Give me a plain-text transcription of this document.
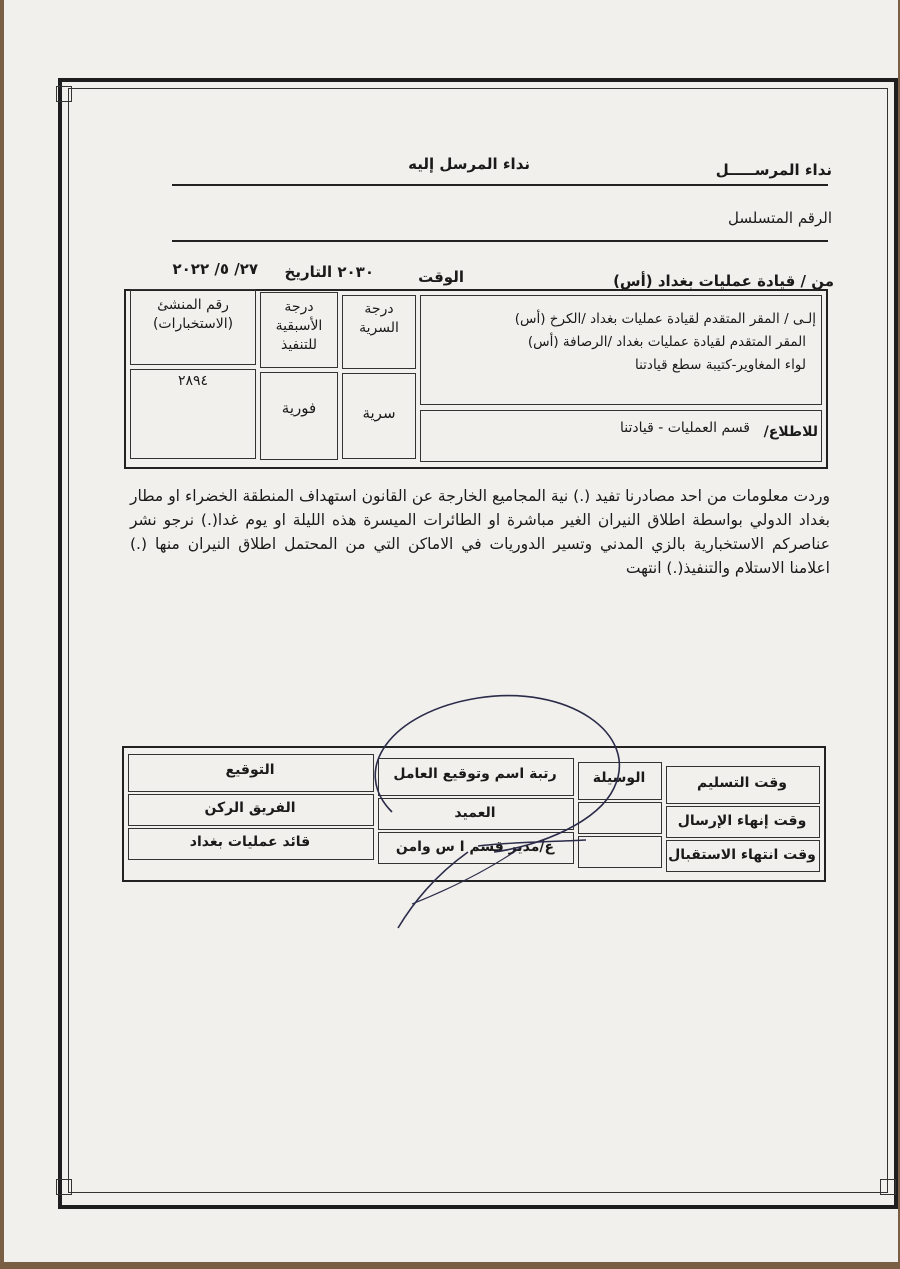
نداء المرســـــل
نداء المرسل إليه
الرقم المتسلسل
من / قيادة عمليات بغداد (أس)
الوقت
٢٠٣٠ التاريخ
٢٧/ ٥/ ٢٠٢٢
إلـى / المقر المتقدم لقيادة عمليات بغداد /الكرخ (أس)
المقر المتقدم لقيادة عمليات بغداد /الرصافة (أس)
لواء المغاوير-كتيبة سطع قيادتنا
للاطلاع/
قسم العمليات - قيادتنا
درجة السرية
درجة الأسبقية للتنفيذ
رقم المنشئ (الاستخبارات)
سرية
فورية
٢٨٩٤
وردت معلومات من احد مصادرنا تفيد (.) نية المجاميع الخارجة عن القانون استهداف المنطقة الخضراء او مطار بغداد الدولي بواسطة اطلاق النيران الغير مباشرة او الطائرات الميسرة هذه الليلة او يوم غدا(.) نرجو نشر عناصركم الاستخبارية بالزي المدني وتسير الدوريات في الاماكن التي من المحتمل اطلاق النيران منها (.) اعلامنا الاستلام والتنفيذ(.) انتهت
وقت التسليم
وقت إنهاء الإرسال
وقت انتهاء الاستقبال
الوسيلة
رتبة اسم وتوقيع العامل
العميد
ع/مدير قسم ا س وامن
التوقيع
الفريق الركن
قائد عمليات بغداد
